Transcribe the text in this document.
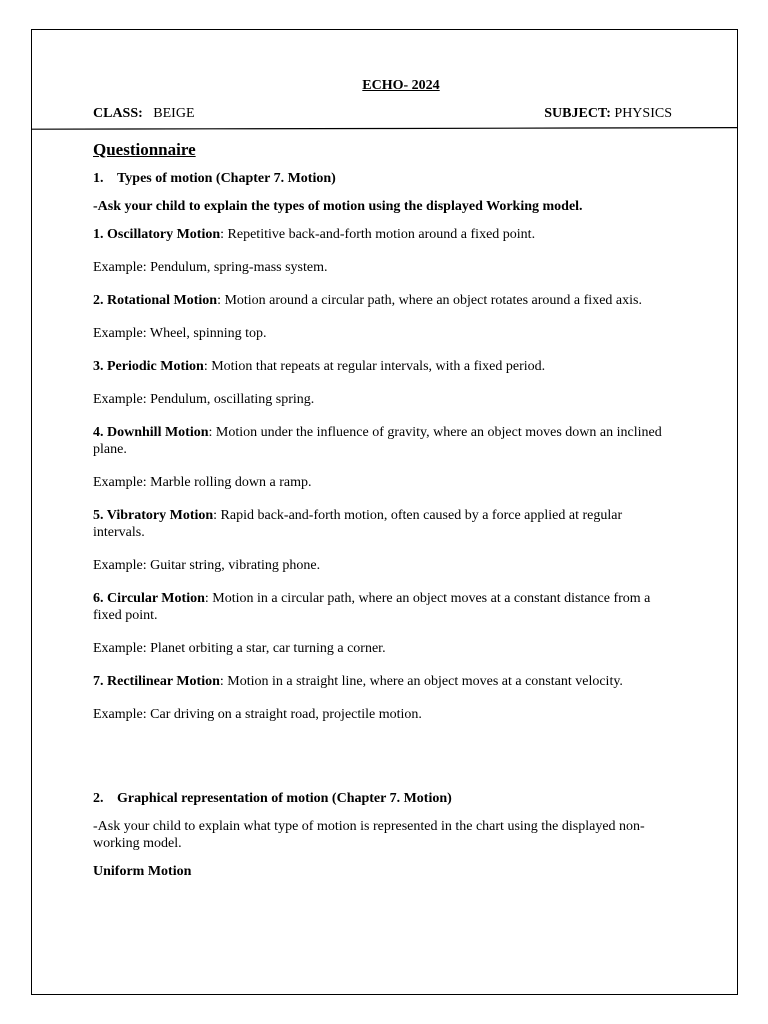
ECHO- 2024
CLASS: BEIGE	SUBJECT: PHYSICS
Questionnaire
1. Types of motion (Chapter 7. Motion)
-Ask your child to explain the types of motion using the displayed Working model.
1. Oscillatory Motion: Repetitive back-and-forth motion around a fixed point.
Example: Pendulum, spring-mass system.
2. Rotational Motion: Motion around a circular path, where an object rotates around a fixed axis.
Example: Wheel, spinning top.
3. Periodic Motion: Motion that repeats at regular intervals, with a fixed period.
Example: Pendulum, oscillating spring.
4. Downhill Motion: Motion under the influence of gravity, where an object moves down an inclined plane.
Example: Marble rolling down a ramp.
5. Vibratory Motion: Rapid back-and-forth motion, often caused by a force applied at regular intervals.
Example: Guitar string, vibrating phone.
6. Circular Motion: Motion in a circular path, where an object moves at a constant distance from a fixed point.
Example: Planet orbiting a star, car turning a corner.
7. Rectilinear Motion: Motion in a straight line, where an object moves at a constant velocity.
Example: Car driving on a straight road, projectile motion.
2. Graphical representation of motion (Chapter 7. Motion)
-Ask your child to explain what type of motion is represented in the chart using the displayed non-working model.
Uniform Motion
